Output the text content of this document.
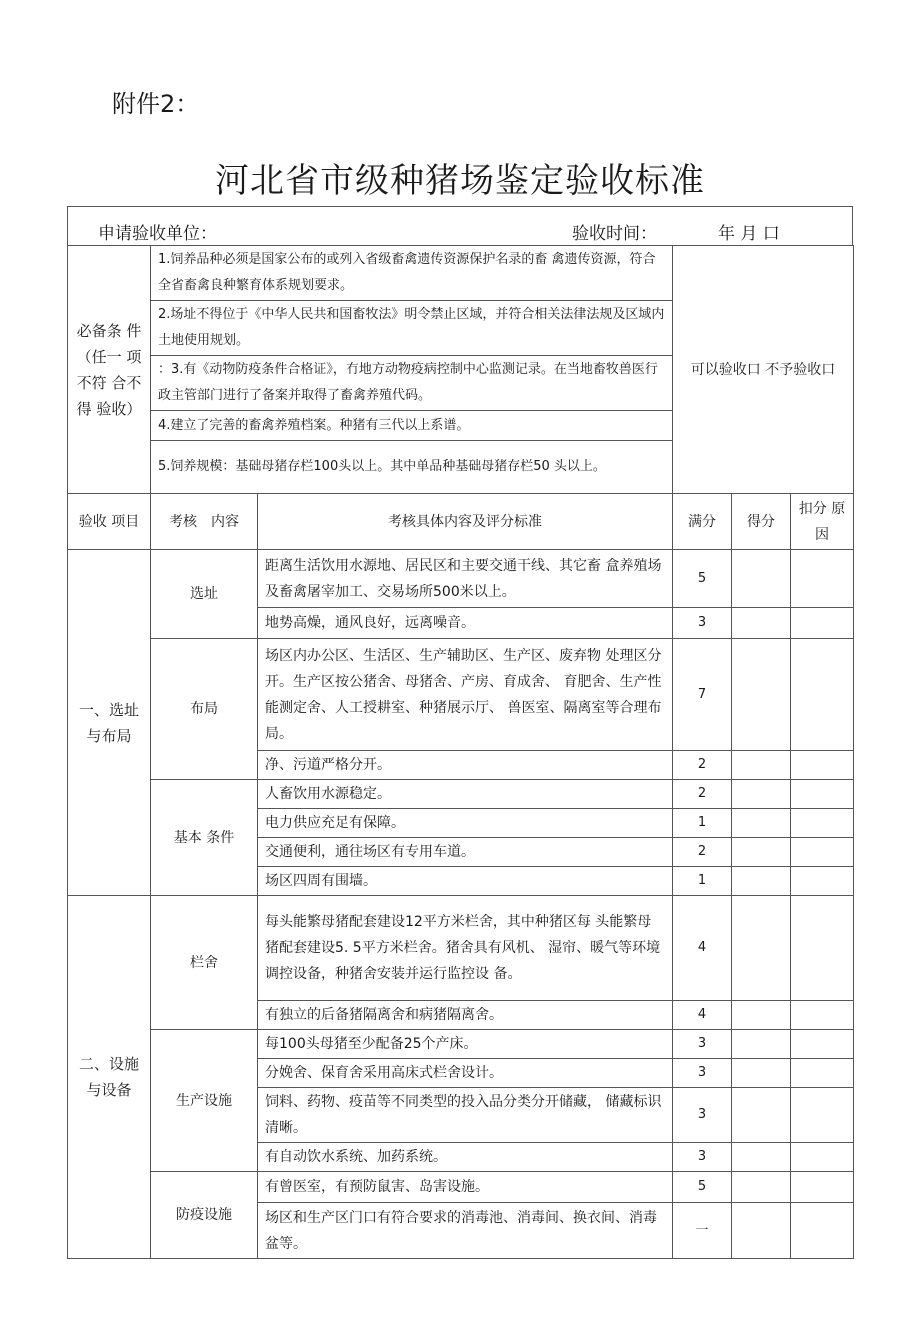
附件2：
河北省市级种猪场鉴定验收标准
申请验收单位：	验收时间：	年 月 口
必备条 件（任一 项不符 合不得 验收）	1.饲养品种必须是国家公布的或列入省级畜禽遗传资源保护名录的畜 禽遗传资源，符合全省畜禽良种繁育体系规划要求。		可以验收口 不予验收口		
	2.场址不得位于《中华人民共和国畜牧法》明令禁止区域，并符合相关法律法规及区域内土地使用规划。				
	：3.有《动物防疫条件合格证》，冇地方动物疫病控制中心监测记录。在当地畜牧兽医行政主管部门进行了备案并取得了畜禽养殖代码。				
	4.建立了完善的畜禽养殖档案。种猪有三代以上系谱。				
	5.饲养规模：基础母猪存栏100头以上。其中单品种基础母猪存栏50 头以上。				
验收 项目	考核　内容	考核具体内容及评分标准	满分	得分	扣分 原因
一、选址与布局	选址	距离生活饮用水源地、居民区和主要交通干线、其它畜 盒养殖场及畜禽屠宰加工、交易场所500米以上。	5		
		地势高燥，通风良好，远离噪音。	3		
	布局	场区内办公区、生活区、生产辅助区、生产区、废弃物 处理区分开。生产区按公猪舍、母猪舍、产房、育成舍、 育肥舍、生产性能测定舍、人工授耕室、种猪展示厅、 兽医室、隔离室等合理布局。	7		
		净、污道严格分开。	2		
	基本 条件	人畜饮用水源稳定。	2		
		电力供应充足有保障。	1		
		交通便利，通往场区有专用车道。	2		
		场区四周有围墙。	1		
二、设施与设备	栏舍	每头能繁母猪配套建设12平方米栏舍，其中种猪区每 头能繁母猪配套建设5. 5平方米栏舍。猪舍具有风机、 湿帘、暖气等环境调控设备，种猪舍安装并运行监控设 备。	4		
		有独立的后备猪隔离舍和病猪隔离舍。	4		
	生产设施	每100头母猪至少配备25个产床。	3		
		分娩舍、保育舍采用高床式栏舍设计。	3		
		饲料、药物、疫苗等不同类型的投入品分类分开储藏， 储藏标识清晰。	3		
		有自动饮水系统、加药系统。	3		
	防疫设施	有曾医室，有预防鼠害、岛害设施。	5		
		场区和生产区门口有符合要求的消毒池、消毒间、换衣间、消毒盆等。	一		
